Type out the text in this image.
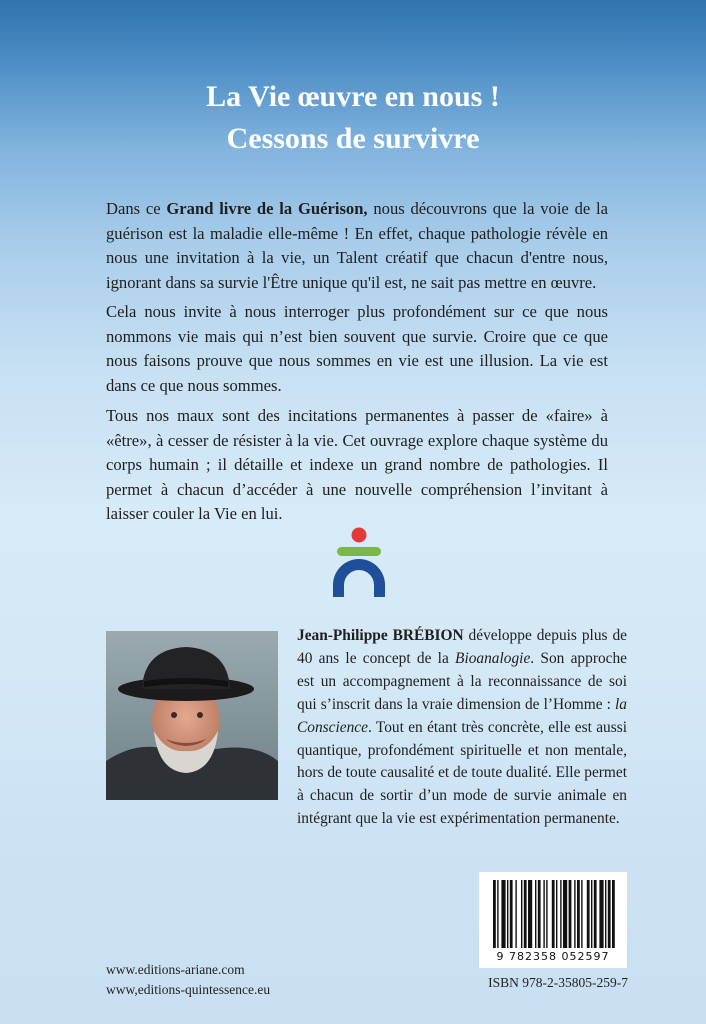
La Vie œuvre en nous !
Cessons de survivre

Dans ce Grand livre de la Guérison, nous découvrons que la voie de la guérison est la maladie elle-même ! En effet, chaque pathologie révèle en nous une invitation à la vie, un Talent créatif que chacun d'entre nous, ignorant dans sa survie l'Être unique qu'il est, ne sait pas mettre en œuvre.

Cela nous invite à nous interroger plus profondément sur ce que nous nommons vie mais qui n’est bien souvent que survie. Croire que ce que nous faisons prouve que nous sommes en vie est une illusion. La vie est dans ce que nous sommes.

Tous nos maux sont des incitations permanentes à passer de «faire» à «être», à cesser de résister à la vie. Cet ouvrage explore chaque système du corps humain ; il détaille et indexe un grand nombre de pathologies. Il permet à chacun d’accéder à une nouvelle compréhension l’invitant à laisser couler la Vie en lui.

Jean-Philippe BRÉBION développe depuis plus de 40 ans le concept de la Bioanalogie. Son approche est un accompagnement à la reconnaissance de soi qui s’inscrit dans la vraie dimension de l’Homme : la Conscience. Tout en étant très concrète, elle est aussi quantique, profondément spirituelle et non mentale, hors de toute causalité et de toute dualité. Elle permet à chacun de sortir d’un mode de survie animale en intégrant que la vie est expérimentation permanente.

9 782358 052597
ISBN 978-2-35805-259-7
www.editions-ariane.com
www,editions-quintessence.eu
